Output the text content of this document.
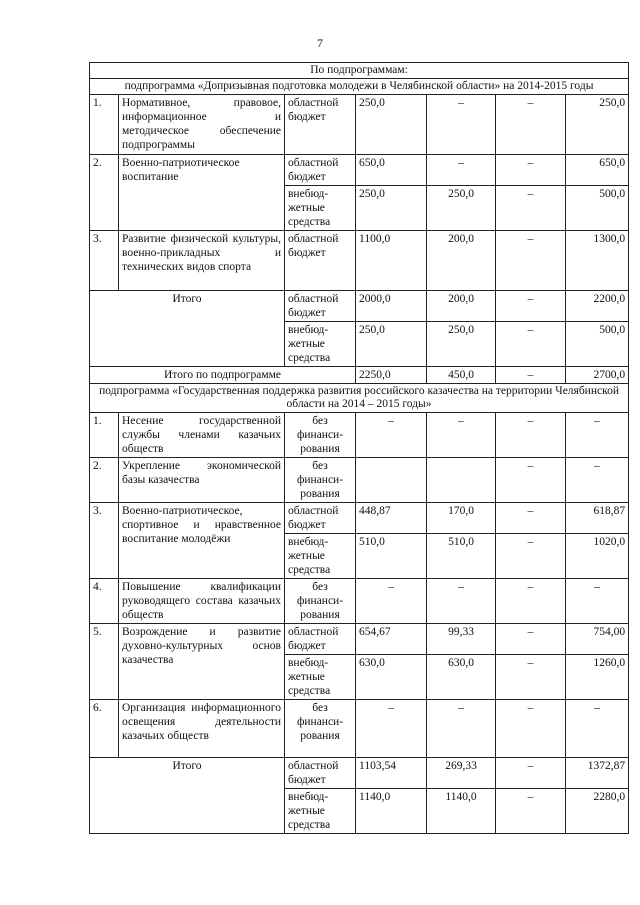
7
По подпрограммам:						
подпрограмма «Допризывная подготовка молодежи в Челябинской области» на 2014-2015 годы						
1.	Нормативное, правовое, информационное и методическое обеспечение подпрограммы	областной бюджет	250,0	–	–	250,0
2.	Военно-патриотическое воспитание	областной бюджет	650,0	–	–	650,0
		внебюд-жетные средства	250,0	250,0	–	500,0
3.	Развитие физической культуры, военно-прикладных и технических видов спорта	областной бюджет	1100,0	200,0	–	1300,0
Итого		областной бюджет	2000,0	200,0	–	2200,0
		внебюд-жетные средства	250,0	250,0	–	500,0
Итого по подпрограмме			2250,0	450,0	–	2700,0
подпрограмма «Государственная поддержка развития российского казачества на территории Челябинской области на 2014 – 2015 годы»						
1.	Несение государственной службы членами казачьих обществ	без финанси-рования	–	–	–	–
2.	Укрепление экономической базы казачества	без финанси-рования			–	–
3.	Военно-патриотическое, спортивное и нравственное воспитание молодёжи	областной бюджет	448,87	170,0	–	618,87
		внебюд-жетные средства	510,0	510,0	–	1020,0
4.	Повышение квалификации руководящего состава казачьих обществ	без финанси-рования	–	–	–	–
5.	Возрождение и развитие духовно-культурных основ казачества	областной бюджет	654,67	99,33	–	754,00
		внебюд-жетные средства	630,0	630,0	–	1260,0
6.	Организация информационного освещения деятельности казачьих обществ	без финанси-рования	–	–	–	–
Итого		областной бюджет	1103,54	269,33	–	1372,87
		внебюд-жетные средства	1140,0	1140,0	–	2280,0
